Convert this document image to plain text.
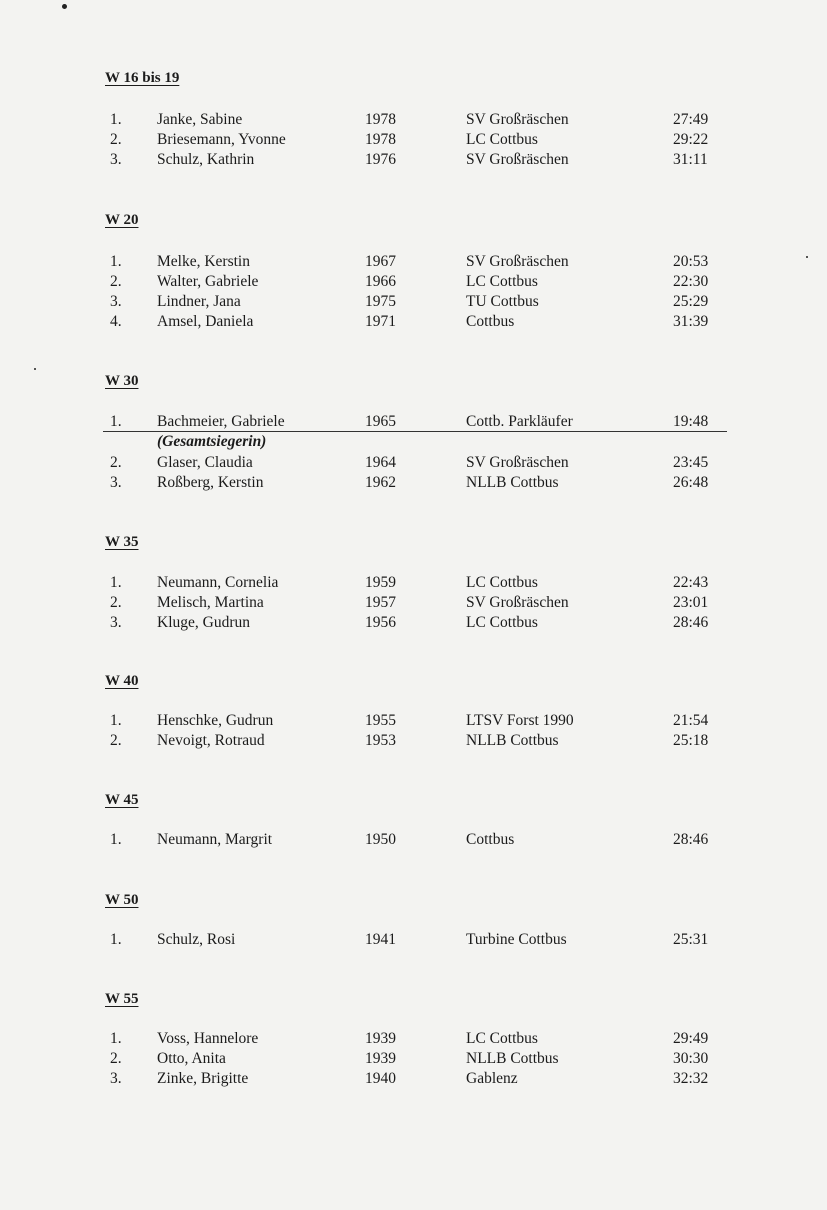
W 16 bis 19
1. Janke, Sabine	1978	SV Großräschen	27:49
2. Briesemann, Yvonne	1978	LC Cottbus	29:22
3. Schulz, Kathrin	1976	SV Großräschen	31:11
W 20
1. Melke, Kerstin	1967	SV Großräschen	20:53
2. Walter, Gabriele	1966	LC Cottbus	22:30
3. Lindner, Jana	1975	TU Cottbus	25:29
4. Amsel, Daniela	1971	Cottbus	31:39
W 30
1. Bachmeier, Gabriele	1965	Cottb. Parkläufer	19:48
(Gesamtsiegerin)
2. Glaser, Claudia	1964	SV Großräschen	23:45
3. Roßberg, Kerstin	1962	NLLB Cottbus	26:48
W 35
1. Neumann, Cornelia	1959	LC Cottbus	22:43
2. Melisch, Martina	1957	SV Großräschen	23:01
3. Kluge, Gudrun	1956	LC Cottbus	28:46
W 40
1. Henschke, Gudrun	1955	LTSV Forst 1990	21:54
2. Nevoigt, Rotraud	1953	NLLB Cottbus	25:18
W 45
1. Neumann, Margrit	1950	Cottbus	28:46
W 50
1. Schulz, Rosi	1941	Turbine Cottbus	25:31
W 55
1. Voss, Hannelore	1939	LC Cottbus	29:49
2. Otto, Anita	1939	NLLB Cottbus	30:30
3. Zinke, Brigitte	1940	Gablenz	32:32
